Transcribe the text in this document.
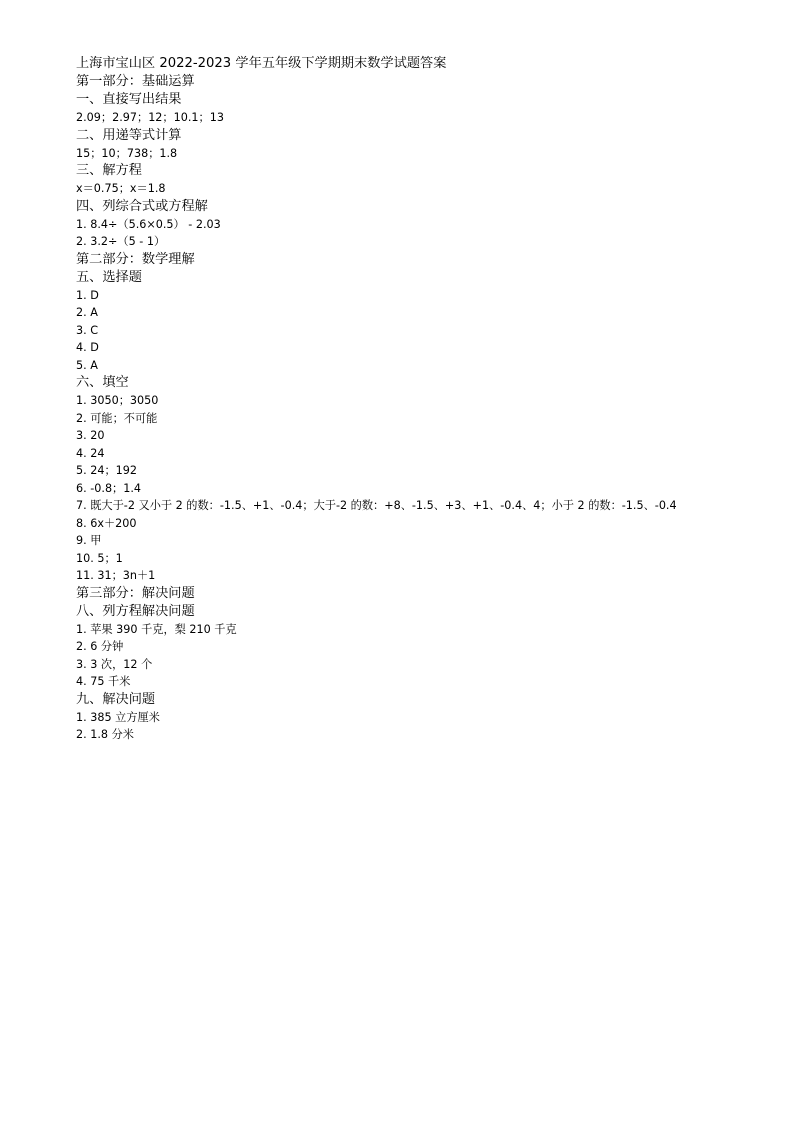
上海市宝山区 2022-2023 学年五年级下学期期末数学试题答案
第一部分：基础运算
一、直接写出结果
2.09；2.97；12；10.1；13
二、用递等式计算
15；10；738；1.8
三、解方程
x＝0.75；x＝1.8
四、列综合式或方程解
1. 8.4÷（5.6×0.5） - 2.03
2. 3.2÷（5 - 1）
第二部分：数学理解
五、选择题
1. D
2. A
3. C
4. D
5. A
六、填空
1. 3050；3050
2. 可能；不可能
3. 20
4. 24
5. 24；192
6. -0.8；1.4
7. 既大于-2 又小于 2 的数：-1.5、+1、-0.4；大于-2 的数：+8、-1.5、+3、+1、-0.4、4；小于 2 的数：-1.5、-0.4
8. 6x＋200
9. 甲
10. 5；1
11. 31；3n＋1
第三部分：解决问题
八、列方程解决问题
1. 苹果 390 千克，梨 210 千克
2. 6 分钟
3. 3 次，12 个
4. 75 千米
九、解决问题
1. 385 立方厘米
2. 1.8 分米
